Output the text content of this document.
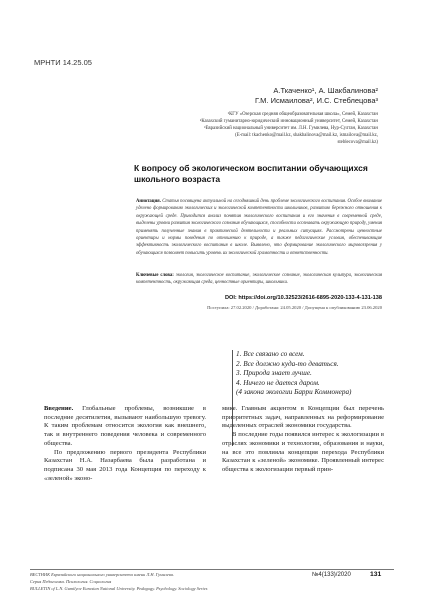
МРНТИ 14.25.05
А.Ткаченко¹, А. Шакбалинова²
Г.М. Исмаилова², И.С. Стеблецова³
¹КГУ «Озерская средняя общеобразовательная школа», Семей, Казахстан
²Казахский гуманитарно-юридический инновационный университет, Семей, Казахстан
³Евразийский национальный университет им. Л.Н. Гумилева, Нур-Султан, Казахстан
(E-mail: tkachenko@mail.kz, shakbalinova@mail.kz, ismailova@mail.kz,
steblecova@mail.kz)
К вопросу об экологическом воспитании обучающихся школьного возраста
Аннотация. Статья посвящена актуальной на сегодняшний день проблеме экологического воспитания. Особое внимание уделено формированию экологических и экологической компетентности школьников, развитию бережного отношения к окружающей среде. Приводится анализ понятия экологического воспитания и его значения в современной среде, выделены уровни развития экологического сознания обучающихся, способности осознавать окружающую природу, умения применять полученные знания в практической деятельности и реальных ситуациях. Рассмотрены ценностные ориентиры и нормы поведения по отношению к природе, а также педагогические условия, обеспечивающие эффективность экологического воспитания в школе. Выявлено, что формирование экологического мировоззрения у обучающихся позволяет повысить уровень их экологической грамотности и ответственности.
Ключевые слова: экология, экологическое воспитание, экологическое сознание, экологическая культура, экологическая компетентность, окружающая среда, ценностные ориентиры, школьники.
DOI: https://doi.org/10.32523/2616-6895-2020-133-4-131-138
Поступила: 27.02.2020 / Доработана: 24.05.2020 / Допущена к опубликованию 23.06.2020
1. Все связано со всем.
2. Все должно куда-то деваться.
3. Природа знает лучше.
4. Ничего не дается даром.
(4 закона экологии Барри Коммонера)

Введение. Глобальные проблемы, возникшие в последние десятилетия, вызывают наибольшую тревогу. К таким проблемам относится экология как внешнего, так и внутреннего поведения человека и современного общества.

По предложению первого президента Республики Казахстан Н.А. Назарбаева была разработана и подписана 30 мая 2013 года Концепция по переходу к «зеленой» эконо-

мике. Главным акцентом в Концепции был перечень приоритетных задач, направленных на реформирование выделенных отраслей экономики государства.

В последние годы появился интерес к экологизации в отраслях экономики и технологии, образования и науки, на все это повлияла концепция перехода Республики Казахстан к «зеленой» экономике. Проявленный интерес общества к экологизации первый прин-

ВЕСТНИК Евразийского национального университета имени Л.Н. Гумилева.
Серия Педагогика. Психология. Социология
BULLETIN of L.N. Gumilyov Eurasian National University. Pedagogy. Psychology. Sociology Series
№4(133)/2020	131
